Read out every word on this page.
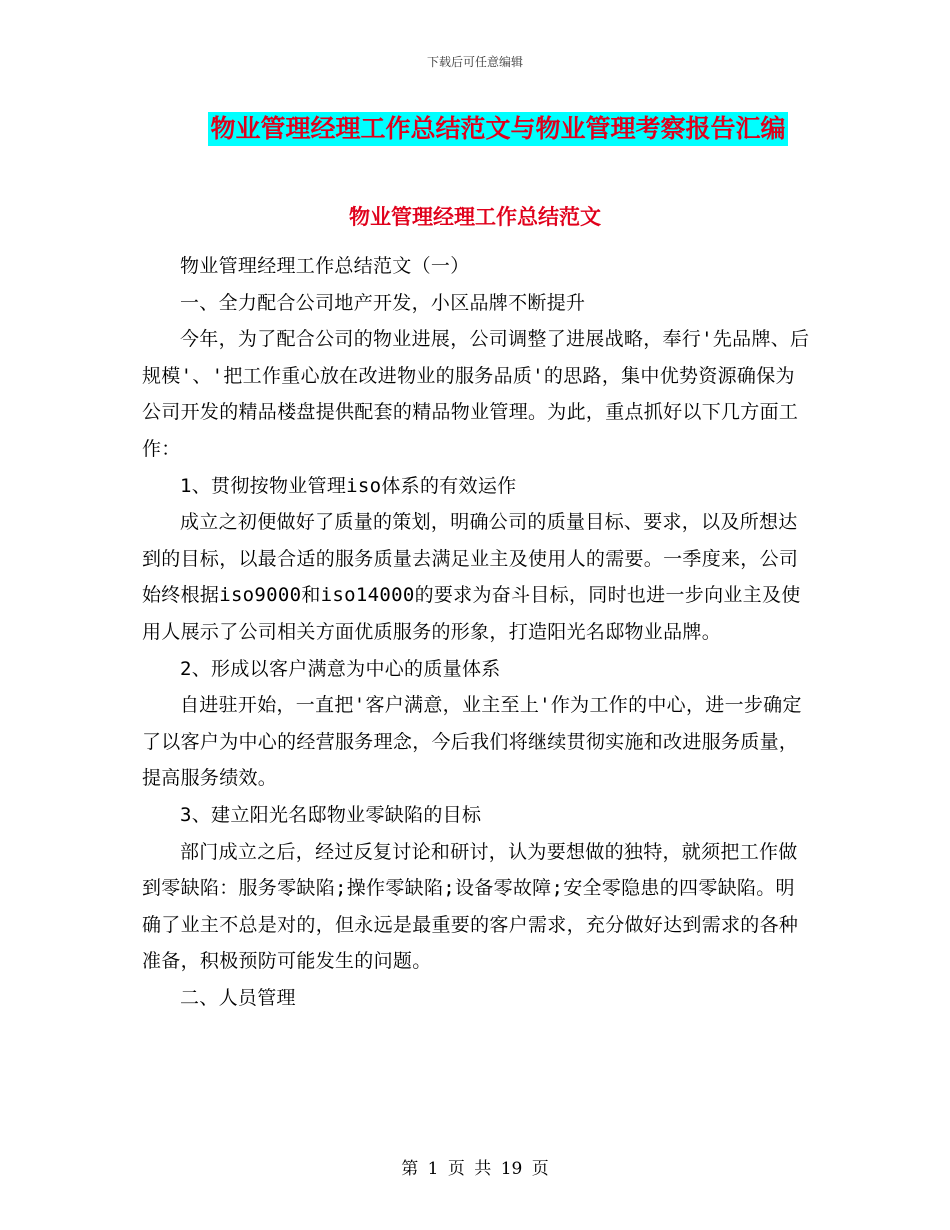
下载后可任意编辑
物业管理经理工作总结范文与物业管理考察报告汇编
物业管理经理工作总结范文

物业管理经理工作总结范文（一）

一、全力配合公司地产开发，小区品牌不断提升

今年，为了配合公司的物业进展，公司调整了进展战略，奉行'先品牌、后规模'、'把工作重心放在改进物业的服务品质'的思路，集中优势资源确保为公司开发的精品楼盘提供配套的精品物业管理。为此，重点抓好以下几方面工作：

1、贯彻按物业管理iso体系的有效运作

成立之初便做好了质量的策划，明确公司的质量目标、要求，以及所想达到的目标，以最合适的服务质量去满足业主及使用人的需要。一季度来，公司始终根据iso9000和iso14000的要求为奋斗目标，同时也进一步向业主及使用人展示了公司相关方面优质服务的形象，打造阳光名邸物业品牌。

2、形成以客户满意为中心的质量体系

自进驻开始，一直把'客户满意，业主至上'作为工作的中心，进一步确定了以客户为中心的经营服务理念，今后我们将继续贯彻实施和改进服务质量，提高服务绩效。

3、建立阳光名邸物业零缺陷的目标

部门成立之后，经过反复讨论和研讨，认为要想做的独特，就须把工作做到零缺陷：服务零缺陷;操作零缺陷;设备零故障;安全零隐患的四零缺陷。明确了业主不总是对的，但永远是最重要的客户需求，充分做好达到需求的各种准备，积极预防可能发生的问题。

二、人员管理

第 1 页 共 19 页
